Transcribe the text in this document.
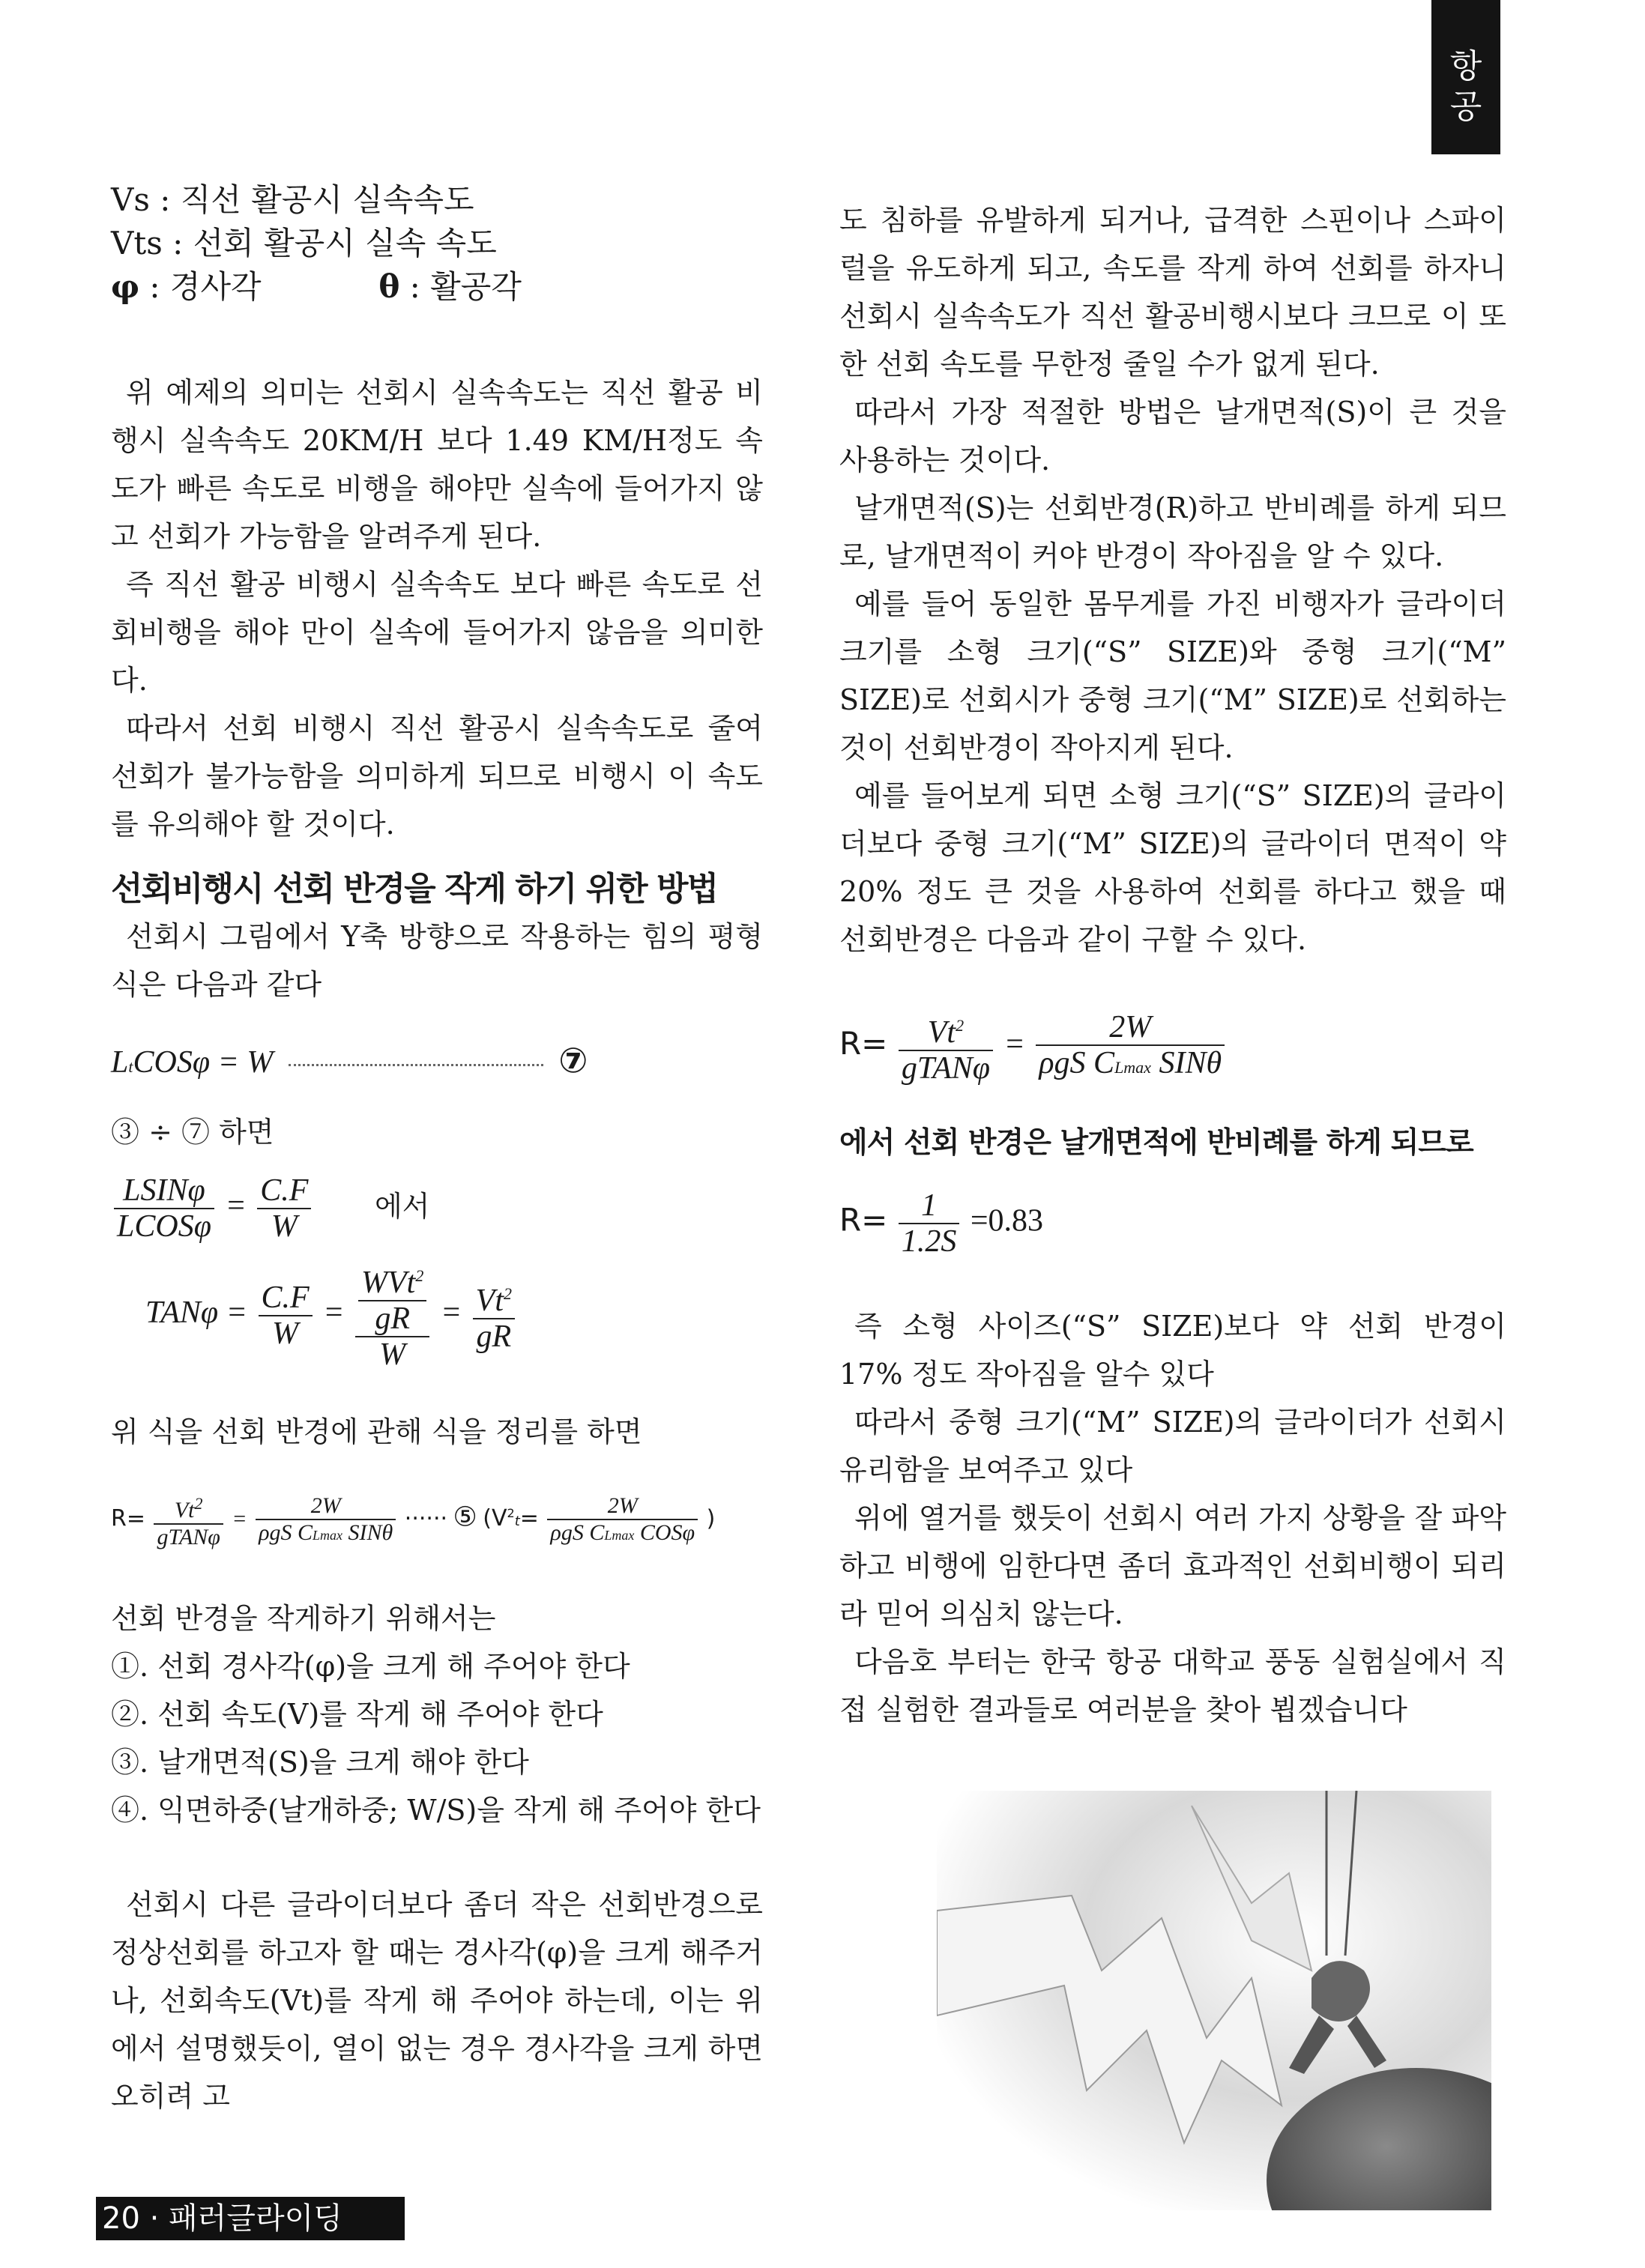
항
공

Vs : 직선 활공시 실속속도

Vts : 선회 활공시 실속 속도

φ : 경사각	θ : 활공각

위 예제의 의미는 선회시 실속속도는 직선 활공 비행시 실속속도 20KM/H 보다 1.49 KM/H정도 속도가 빠른 속도로 비행을 해야만 실속에 들어가지 않고 선회가 가능함을 알려주게 된다.

즉 직선 활공 비행시 실속속도 보다 빠른 속도로 선회비행을 해야 만이 실속에 들어가지 않음을 의미한다.

따라서 선회 비행시 직선 활공시 실속속도로 줄여 선회가 불가능함을 의미하게 되므로 비행시 이 속도를 유의해야 할 것이다.

선회비행시 선회 반경을 작게 하기 위한 방법

선회시 그림에서 Y축 방향으로 작용하는 힘의 평형식은 다음과 같다

LtCOSφ = W	⑦
③ ÷ ⑦ 하면
$\frac{\text{LSINφ}}{\text{LCOSφ}} = \frac{C.F}{W}$ 에서
$TAN\varphi = \frac{C.F}{W} = \frac{\frac{WVt^2}{gR}}{W} = \frac{Vt^2}{gR}$
위 식을 선회 반경에 관해 식을 정리를 하면
$R= \frac{Vt^2}{\text{gTANφ}} = \frac{2W}{\text{ρgS CLmax SINθ}}$ ······ ⑤ ($V^2t= \frac{2W}{\text{ρgS CLmax COSφ}}$ )

선회 반경을 작게하기 위해서는

①. 선회 경사각(φ)을 크게 해 주어야 한다

②. 선회 속도(V)를 작게 해 주어야 한다

③. 날개면적(S)을 크게 해야 한다

④. 익면하중(날개하중; W/S)을 작게 해 주어야 한다

선회시 다른 글라이더보다 좀더 작은 선회반경으로 정상선회를 하고자 할 때는 경사각(φ)을 크게 해주거나, 선회속도(Vt)를 작게 해 주어야 하는데, 이는 위에서 설명했듯이, 열이 없는 경우 경사각을 크게 하면 오히려 고

도 침하를 유발하게 되거나, 급격한 스핀이나 스파이럴을 유도하게 되고, 속도를 작게 하여 선회를 하자니 선회시 실속속도가 직선 활공비행시보다 크므로 이 또한 선회 속도를 무한정 줄일 수가 없게 된다.

따라서 가장 적절한 방법은 날개면적(S)이 큰 것을 사용하는 것이다.

날개면적(S)는 선회반경(R)하고 반비례를 하게 되므로, 날개면적이 커야 반경이 작아짐을 알 수 있다.

예를 들어 동일한 몸무게를 가진 비행자가 글라이더 크기를 소형 크기(“S” SIZE)와 중형 크기(“M” SIZE)로 선회시가 중형 크기(“M” SIZE)로 선회하는 것이 선회반경이 작아지게 된다.

예를 들어보게 되면 소형 크기(“S” SIZE)의 글라이더보다 중형 크기(“M” SIZE)의 글라이더 면적이 약 20% 정도 큰 것을 사용하여 선회를 하다고 했을 때 선회반경은 다음과 같이 구할 수 있다.

$R= \frac{Vt^2}{\text{gTANφ}} = \frac{2W}{\text{ρgS CLmax SINθ}}$
에서 선회 반경은 날개면적에 반비례를 하게 되므로
$R= \frac{1}{1.2S} =0.83$

즉 소형 사이즈(“S” SIZE)보다 약 선회 반경이 17% 정도 작아짐을 알수 있다

따라서 중형 크기(“M” SIZE)의 글라이더가 선회시 유리함을 보여주고 있다

위에 열거를 했듯이 선회시 여러 가지 상황을 잘 파악하고 비행에 임한다면 좀더 효과적인 선회비행이 되리라 믿어 의심치 않는다.

다음호 부터는 한국 항공 대학교 풍동 실험실에서 직접 실험한 결과들로 여러분을 찾아 뵙겠습니다

20 · 패러글라이딩
